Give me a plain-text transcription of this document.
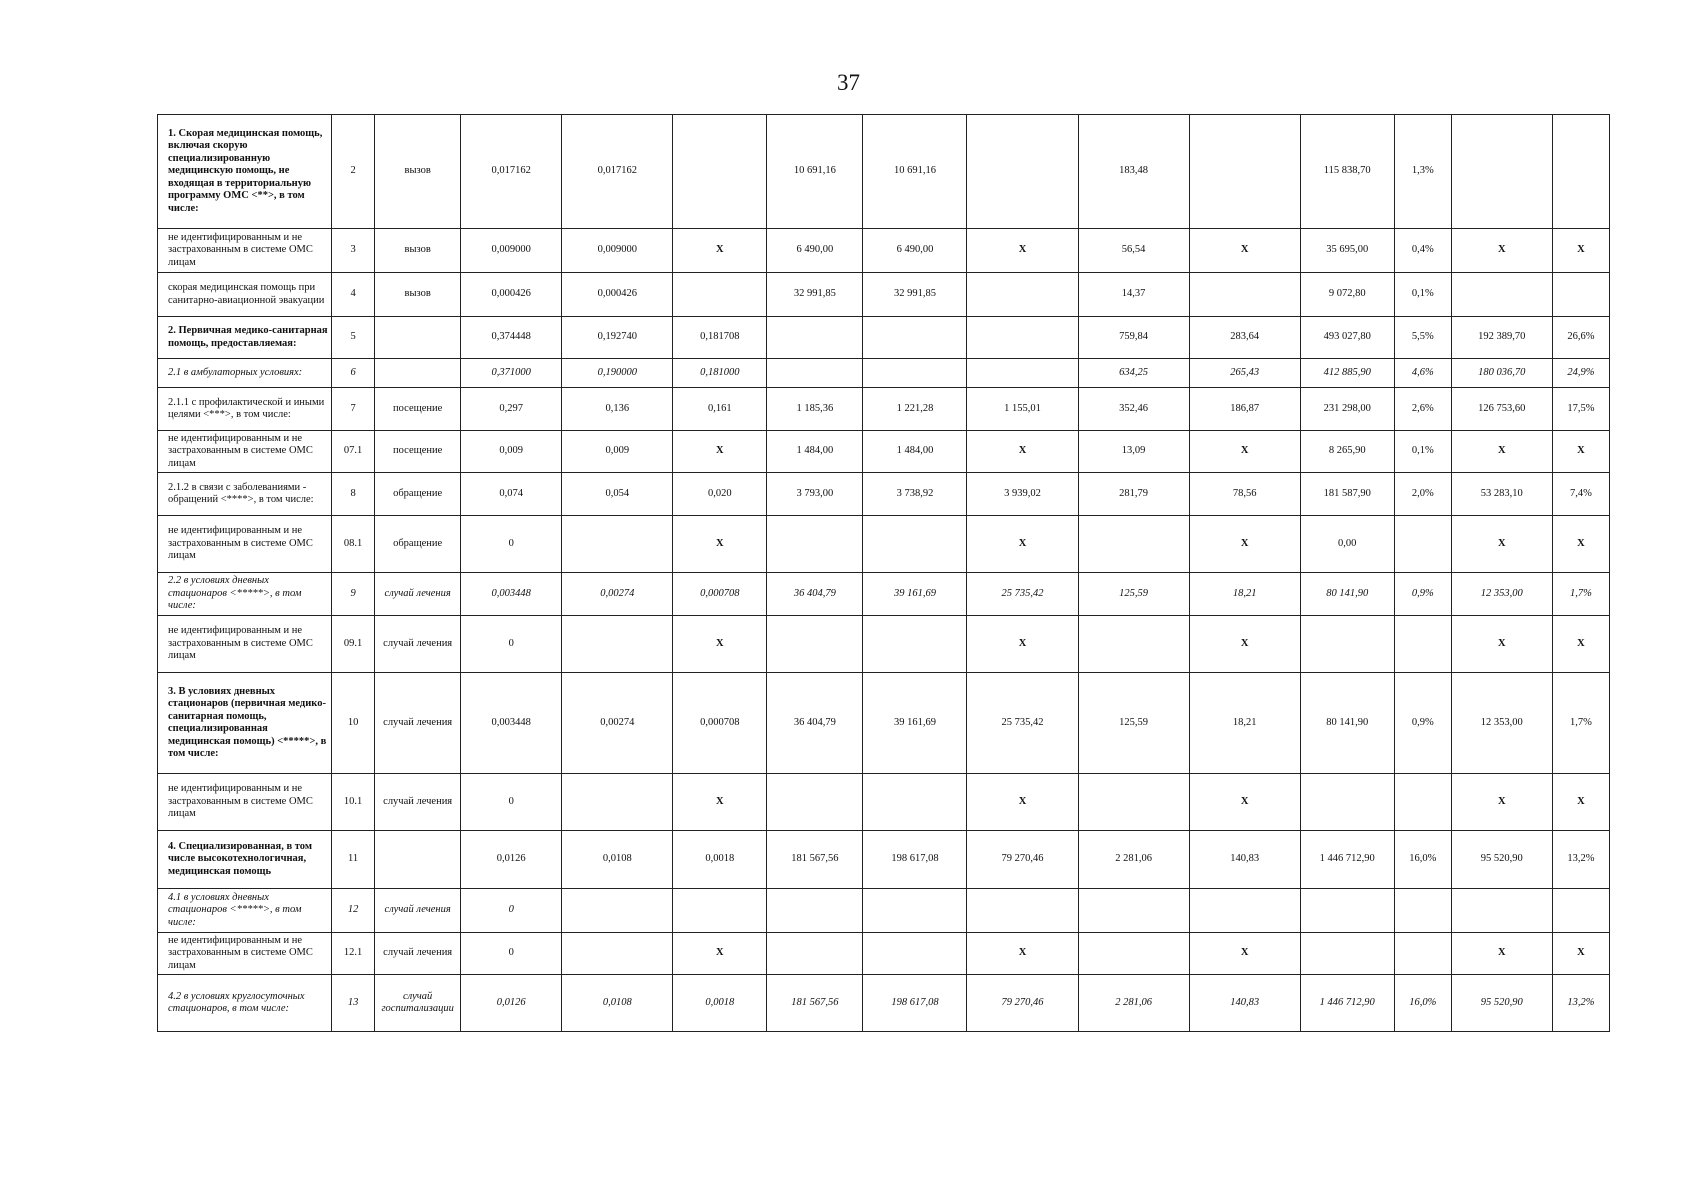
37
1. Скорая медицинская помощь, включая скорую специализированную медицинскую помощь, не входящая в территориальную программу ОМС <**>, в том числе:	2	вызов	0,017162	0,017162		10 691,16	10 691,16		183,48		115 838,70	1,3%		
не идентифицированным и не застрахованным в системе ОМС лицам	3	вызов	0,009000	0,009000	X	6 490,00	6 490,00	X	56,54	X	35 695,00	0,4%	X	X
скорая медицинская помощь при санитарно-авиационной эвакуации	4	вызов	0,000426	0,000426		32 991,85	32 991,85		14,37		9 072,80	0,1%		
2. Первичная медико-санитарная помощь, предоставляемая:	5		0,374448	0,192740	0,181708				759,84	283,64	493 027,80	5,5%	192 389,70	26,6%
2.1 в амбулаторных условиях:	6		0,371000	0,190000	0,181000				634,25	265,43	412 885,90	4,6%	180 036,70	24,9%
2.1.1 с профилактической и иными целями <***>, в том числе:	7	посещение	0,297	0,136	0,161	1 185,36	1 221,28	1 155,01	352,46	186,87	231 298,00	2,6%	126 753,60	17,5%
не идентифицированным и не застрахованным в системе ОМС лицам	07.1	посещение	0,009	0,009	X	1 484,00	1 484,00	X	13,09	X	8 265,90	0,1%	X	X
2.1.2 в связи с заболеваниями - обращений <****>, в том числе:	8	обращение	0,074	0,054	0,020	3 793,00	3 738,92	3 939,02	281,79	78,56	181 587,90	2,0%	53 283,10	7,4%
не идентифицированным и не застрахованным в системе ОМС лицам	08.1	обращение	0		X			X		X	0,00		X	X
2.2 в условиях дневных стационаров <*****>, в том числе:	9	случай лечения	0,003448	0,00274	0,000708	36 404,79	39 161,69	25 735,42	125,59	18,21	80 141,90	0,9%	12 353,00	1,7%
не идентифицированным и не застрахованным в системе ОМС лицам	09.1	случай лечения	0		X			X		X			X	X
3. В условиях дневных стационаров (первичная медико-санитарная помощь, специализированная медицинская помощь) <*****>, в том числе:	10	случай лечения	0,003448	0,00274	0,000708	36 404,79	39 161,69	25 735,42	125,59	18,21	80 141,90	0,9%	12 353,00	1,7%
не идентифицированным и не застрахованным в системе ОМС лицам	10.1	случай лечения	0		X			X		X			X	X
4. Специализированная, в том числе высокотехнологичная, медицинская помощь	11		0,0126	0,0108	0,0018	181 567,56	198 617,08	79 270,46	2 281,06	140,83	1 446 712,90	16,0%	95 520,90	13,2%
4.1 в условиях дневных стационаров <*****>, в том числе:	12	случай лечения	0											
не идентифицированным и не застрахованным в системе ОМС лицам	12.1	случай лечения	0		X			X		X			X	X
4.2 в условиях круглосуточных стационаров, в том числе:	13	случай госпитализации	0,0126	0,0108	0,0018	181 567,56	198 617,08	79 270,46	2 281,06	140,83	1 446 712,90	16,0%	95 520,90	13,2%
